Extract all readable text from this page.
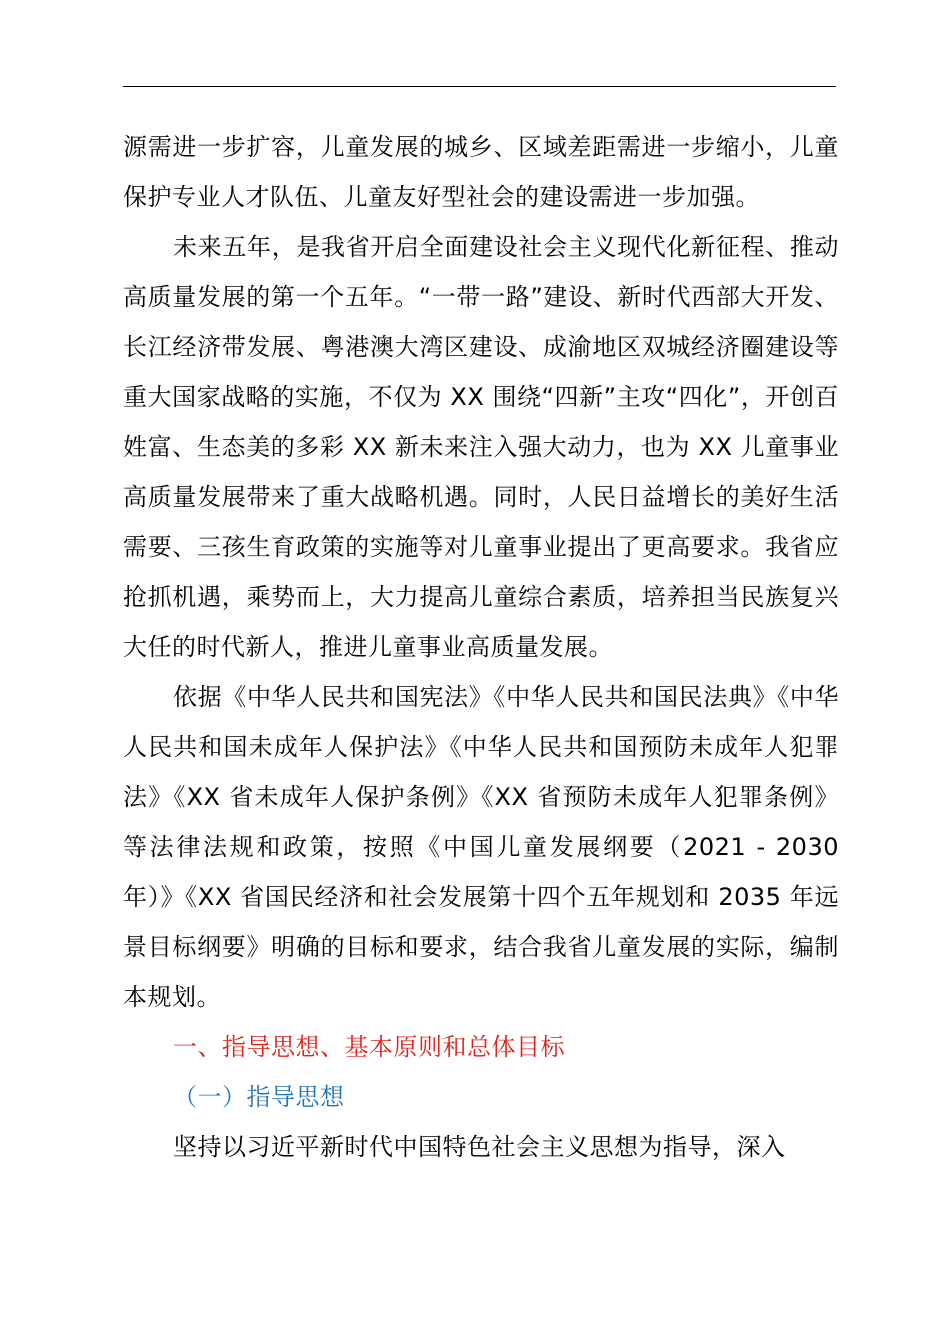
源需进一步扩容，儿童发展的城乡、区域差距需进一步缩小，儿童保护专业人才队伍、儿童友好型社会的建设需进一步加强。

未来五年，是我省开启全面建设社会主义现代化新征程、推动高质量发展的第一个五年。“一带一路”建设、新时代西部大开发、长江经济带发展、粤港澳大湾区建设、成渝地区双城经济圈建设等重大国家战略的实施，不仅为 XX 围绕“四新”主攻“四化”，开创百姓富、生态美的多彩 XX 新未来注入强大动力，也为 XX 儿童事业高质量发展带来了重大战略机遇。同时，人民日益增长的美好生活需要、三孩生育政策的实施等对儿童事业提出了更高要求。我省应抢抓机遇，乘势而上，大力提高儿童综合素质，培养担当民族复兴大任的时代新人，推进儿童事业高质量发展。

依据《中华人民共和国宪法》《中华人民共和国民法典》《中华人民共和国未成年人保护法》《中华人民共和国预防未成年人犯罪法》《XX 省未成年人保护条例》《XX 省预防未成年人犯罪条例》等法律法规和政策，按照《中国儿童发展纲要（2021 - 2030 年）》《XX 省国民经济和社会发展第十四个五年规划和 2035 年远景目标纲要》明确的目标和要求，结合我省儿童发展的实际，编制本规划。

一、指导思想、基本原则和总体目标

（一）指导思想

坚持以习近平新时代中国特色社会主义思想为指导，深入
